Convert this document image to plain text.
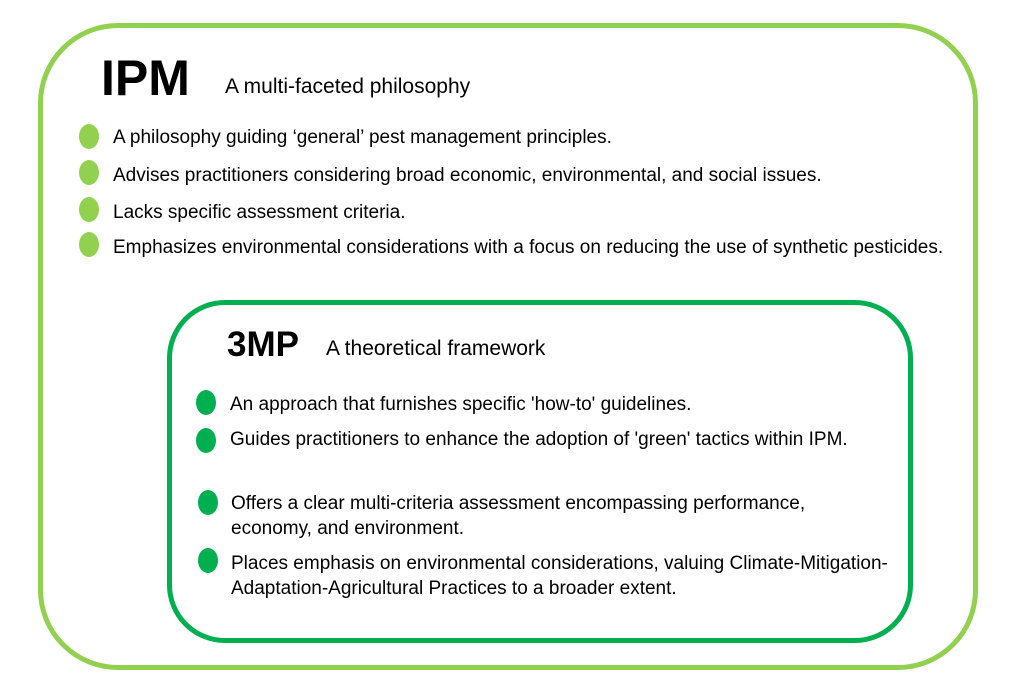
IPM A multi-faceted philosophy
A philosophy guiding ‘general’ pest management principles.
Advises practitioners considering broad economic, environmental, and social issues.
Lacks specific assessment criteria.
Emphasizes environmental considerations with a focus on reducing the use of synthetic pesticides.
3MP A theoretical framework
An approach that furnishes specific 'how-to' guidelines.
Guides practitioners to enhance the adoption of 'green' tactics within IPM.
Offers a clear multi-criteria assessment encompassing performance, economy, and environment.
Places emphasis on environmental considerations, valuing Climate-Mitigation-Adaptation-Agricultural Practices to a broader extent.
